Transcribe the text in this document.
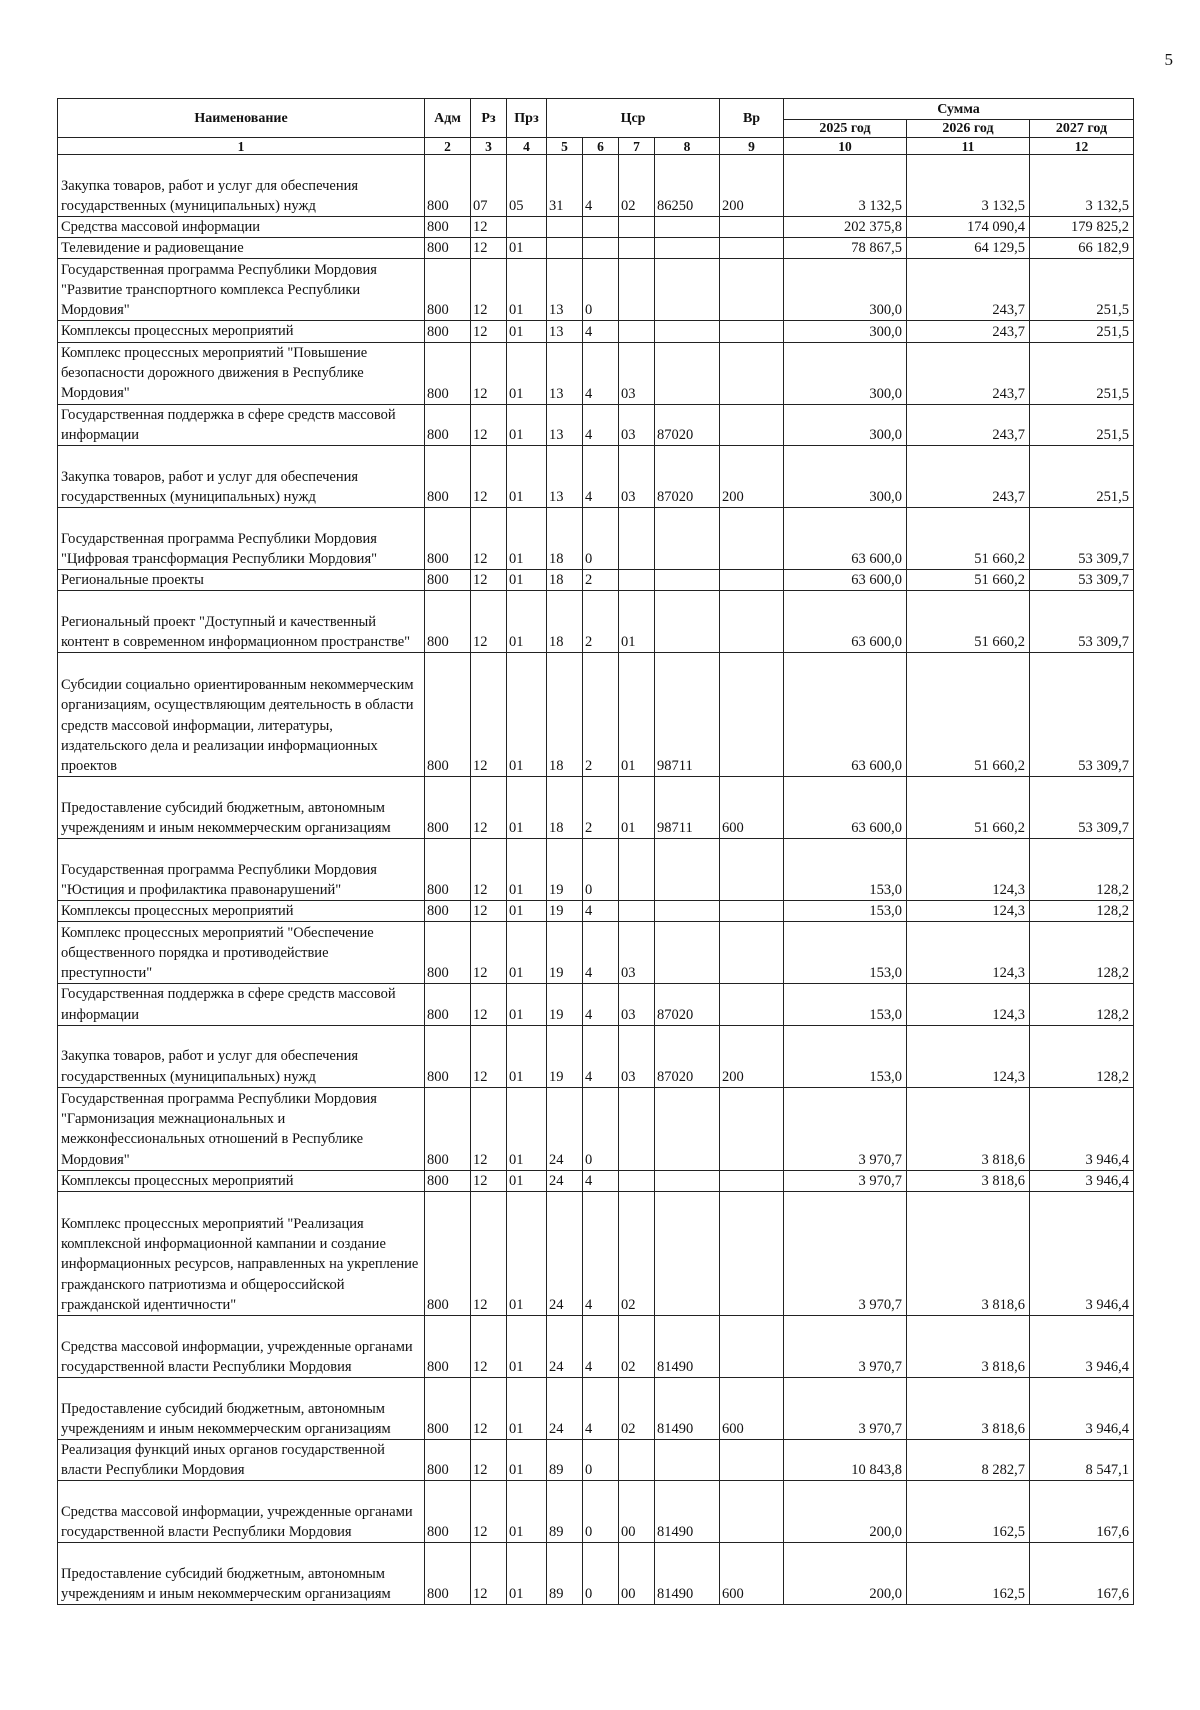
5
Наименование	Адм	Рз	Прз	Цср				Вр	Сумма		
									2025 год	2026 год	2027 год
1	2	3	4	5	6	7	8	9	10	11	12
Закупка товаров, работ и услуг для обеспечения государственных (муниципальных) нужд	800	07	05	31	4	02	86250	200	3 132,5	3 132,5	3 132,5
Средства массовой информации	800	12							202 375,8	174 090,4	179 825,2
Телевидение и радиовещание	800	12	01						78 867,5	64 129,5	66 182,9
Государственная программа Республики Мордовия "Развитие транспортного комплекса Республики Мордовия"	800	12	01	13	0				300,0	243,7	251,5
Комплексы процессных мероприятий	800	12	01	13	4				300,0	243,7	251,5
Комплекс процессных мероприятий "Повышение безопасности дорожного движения в Республике Мордовия"	800	12	01	13	4	03			300,0	243,7	251,5
Государственная поддержка в сфере средств массовой информации	800	12	01	13	4	03	87020		300,0	243,7	251,5
Закупка товаров, работ и услуг для обеспечения государственных (муниципальных) нужд	800	12	01	13	4	03	87020	200	300,0	243,7	251,5
Государственная программа Республики Мордовия "Цифровая трансформация Республики Мордовия"	800	12	01	18	0				63 600,0	51 660,2	53 309,7
Региональные проекты	800	12	01	18	2				63 600,0	51 660,2	53 309,7
Региональный проект "Доступный и качественный контент в современном информационном пространстве"	800	12	01	18	2	01			63 600,0	51 660,2	53 309,7
Субсидии социально ориентированным некоммерческим организациям, осуществляющим деятельность в области средств массовой информации, литературы, издательского дела и реализации информационных проектов	800	12	01	18	2	01	98711		63 600,0	51 660,2	53 309,7
Предоставление субсидий бюджетным, автономным учреждениям и иным некоммерческим организациям	800	12	01	18	2	01	98711	600	63 600,0	51 660,2	53 309,7
Государственная программа Республики Мордовия "Юстиция и профилактика правонарушений"	800	12	01	19	0				153,0	124,3	128,2
Комплексы процессных мероприятий	800	12	01	19	4				153,0	124,3	128,2
Комплекс процессных мероприятий "Обеспечение общественного порядка и противодействие преступности"	800	12	01	19	4	03			153,0	124,3	128,2
Государственная поддержка в сфере средств массовой информации	800	12	01	19	4	03	87020		153,0	124,3	128,2
Закупка товаров, работ и услуг для обеспечения государственных (муниципальных) нужд	800	12	01	19	4	03	87020	200	153,0	124,3	128,2
Государственная программа Республики Мордовия "Гармонизация межнациональных и межконфессиональных отношений в Республике Мордовия"	800	12	01	24	0				3 970,7	3 818,6	3 946,4
Комплексы процессных мероприятий	800	12	01	24	4				3 970,7	3 818,6	3 946,4
Комплекс процессных мероприятий "Реализация комплексной информационной кампании и создание информационных ресурсов, направленных на укрепление гражданского патриотизма и общероссийской гражданской идентичности"	800	12	01	24	4	02			3 970,7	3 818,6	3 946,4
Средства массовой информации, учрежденные органами государственной власти Республики Мордовия	800	12	01	24	4	02	81490		3 970,7	3 818,6	3 946,4
Предоставление субсидий бюджетным, автономным учреждениям и иным некоммерческим организациям	800	12	01	24	4	02	81490	600	3 970,7	3 818,6	3 946,4
Реализация функций иных органов государственной власти Республики Мордовия	800	12	01	89	0				10 843,8	8 282,7	8 547,1
Средства массовой информации, учрежденные органами государственной власти Республики Мордовия	800	12	01	89	0	00	81490		200,0	162,5	167,6
Предоставление субсидий бюджетным, автономным учреждениям и иным некоммерческим организациям	800	12	01	89	0	00	81490	600	200,0	162,5	167,6
